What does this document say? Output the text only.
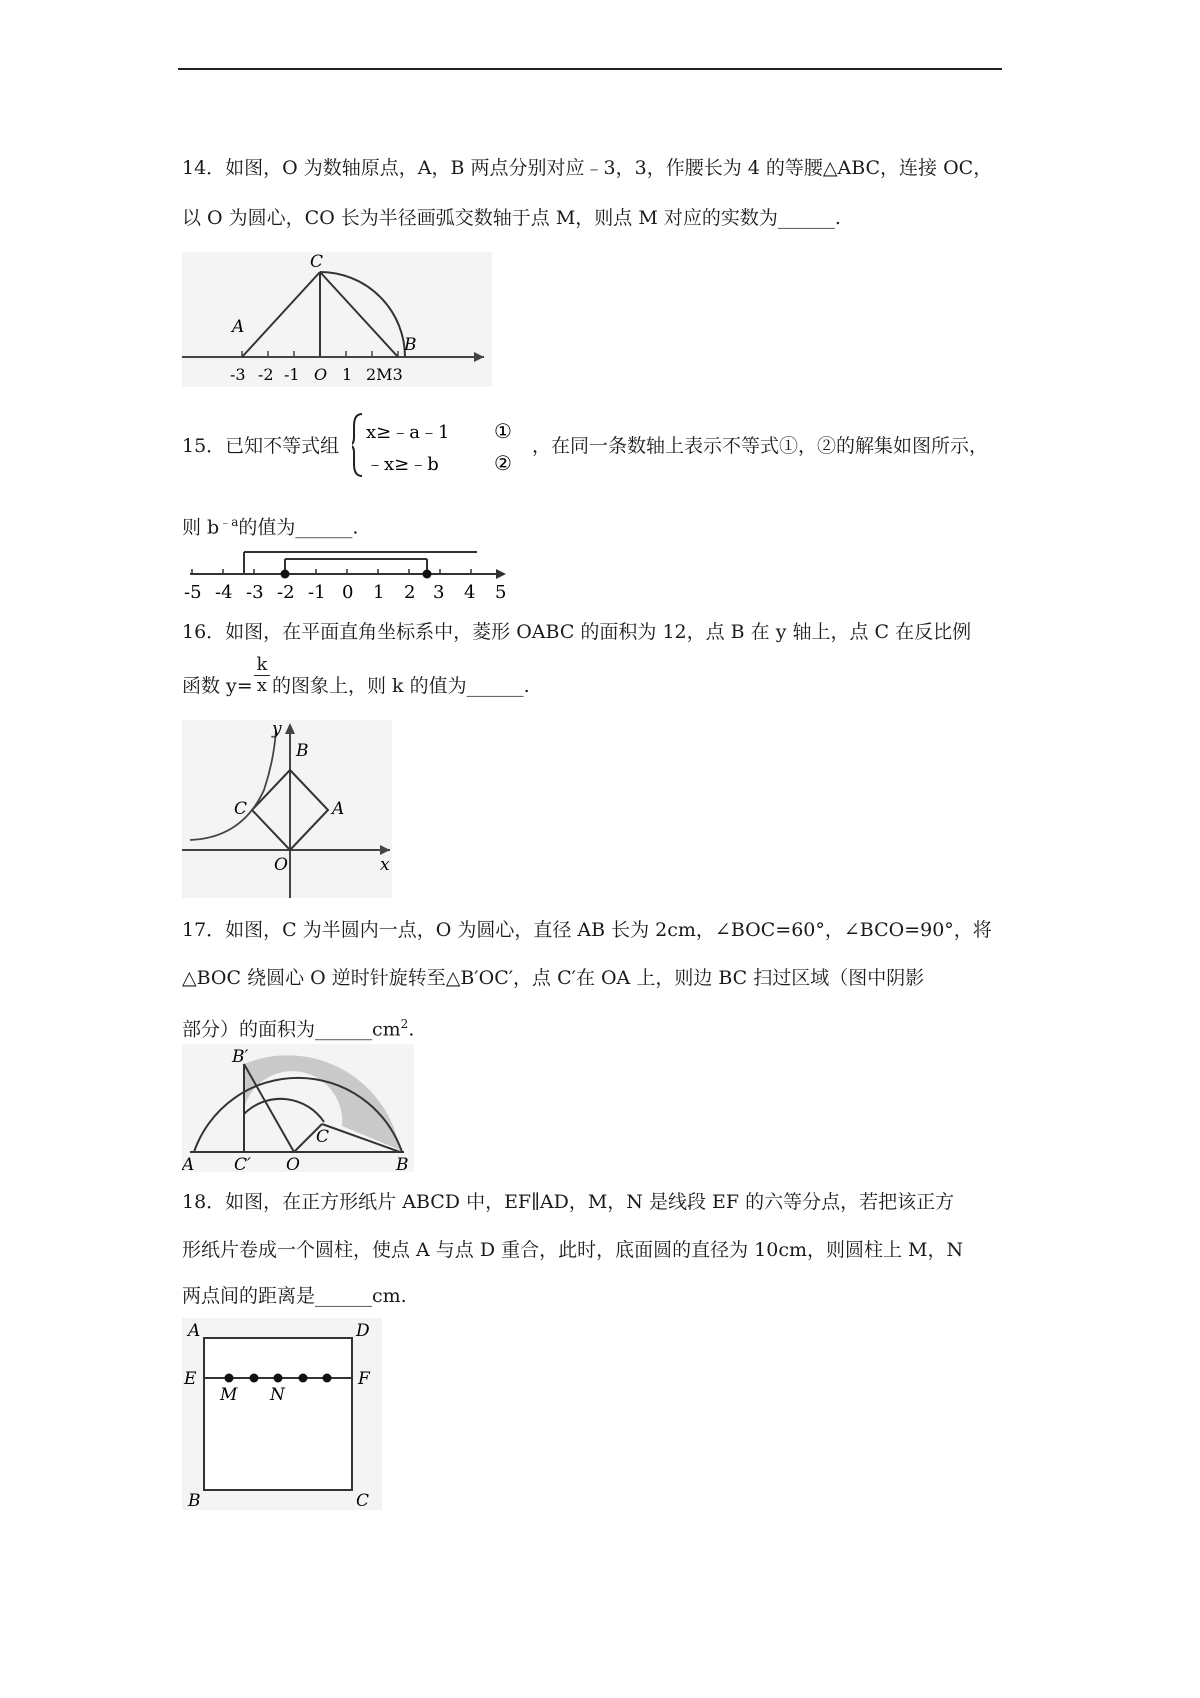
14．如图，O 为数轴原点，A，B 两点分别对应﹣3，3，作腰长为 4 的等腰△ABC，连接 OC，
以 O 为圆心，CO 长为半径画弧交数轴于点 M，则点 M 对应的实数为______.
C
A
B
-3 -2 -1 O 1 2M3
15．已知不等式组
x≥﹣a﹣1
﹣x≥﹣b
①
②
，在同一条数轴上表示不等式①，②的解集如图所示，
则 $b^{﹣a}$的值为______.
-5 -4 -3 -2 -1 0 1 2 3 4 5
16．如图，在平面直角坐标系中，菱形 OABC 的面积为 12，点 B 在 y 轴上，点 C 在反比例
函数 $y= \frac{k}{x}$ 的图象上，则 k 的值为______.
y
B
C	A
O	x
17．如图，C 为半圆内一点，O 为圆心，直径 AB 长为 2cm，∠BOC=60°，∠BCO=90°，将
△BOC 绕圆心 O 逆时针旋转至△B′OC′，点 C′在 OA 上，则边 BC 扫过区域（图中阴影
部分）的面积为$\_\_\_\_\_\_cm^2$.
B′
A C′ O
C
B
18．如图，在正方形纸片 ABCD 中，EF∥AD，M，N 是线段 EF 的六等分点，若把该正方
形纸片卷成一个圆柱，使点 A 与点 D 重合，此时，底面圆的直径为 10cm，则圆柱上 M，N
两点间的距离是______cm.
A	D
E	F
M N
B	C
